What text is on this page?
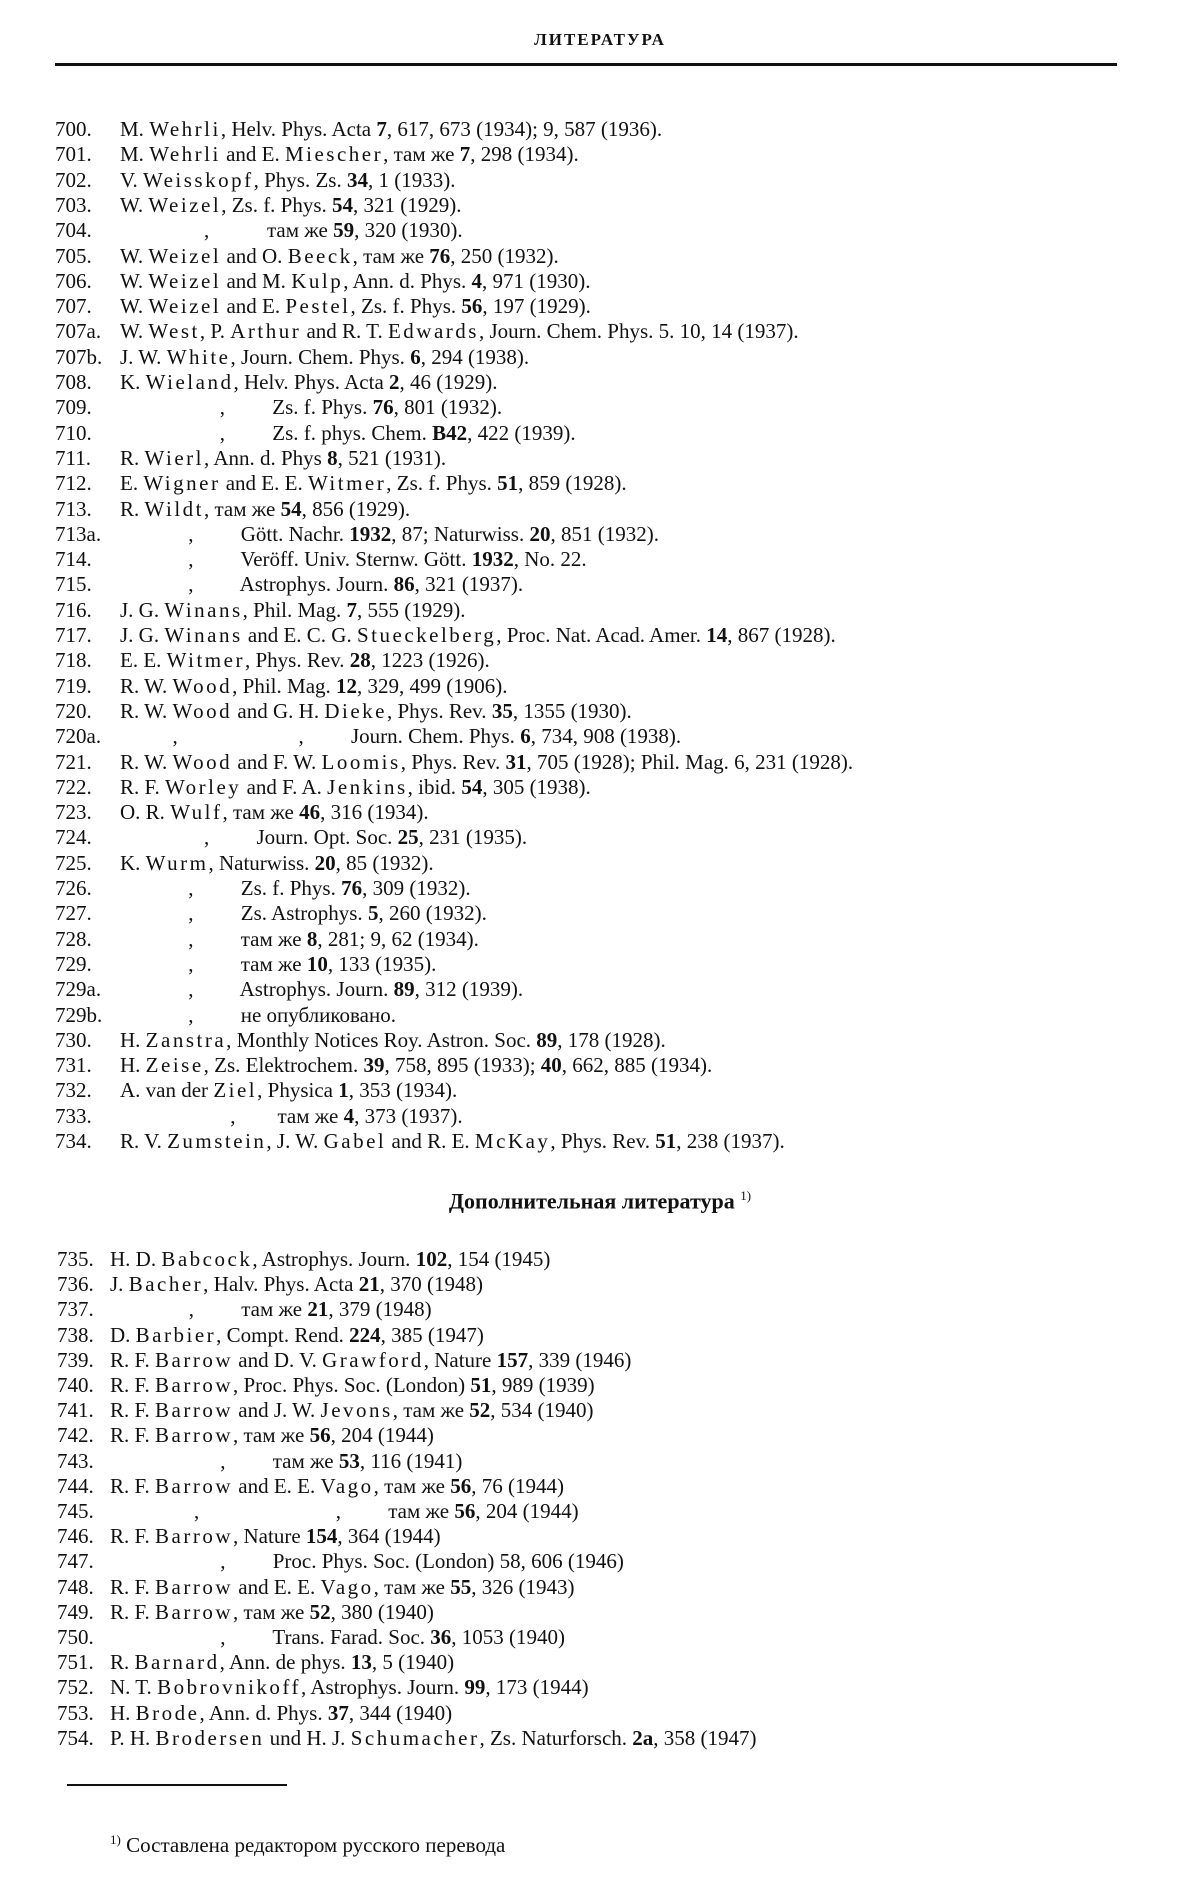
ЛИТЕРАТУРА
700. M. Wehrli, Helv. Phys. Acta 7, 617, 673 (1934); 9, 587 (1936).
701. M. Wehrli and E. Miescher, там же 7, 298 (1934).
702. V. Weisskopf, Phys. Zs. 34, 1 (1933).
703. W. Weizel, Zs. f. Phys. 54, 321 (1929).
704. ,           там же 59, 320 (1930).
705. W. Weizel and O. Beeck, там же 76, 250 (1932).
706. W. Weizel and M. Kulp, Ann. d. Phys. 4, 971 (1930).
707. W. Weizel and E. Pestel, Zs. f. Phys. 56, 197 (1929).
707a. W. West, P. Arthur and R. T. Edwards, Journ. Chem. Phys. 5. 10, 14 (1937).
707b. J. W. White, Journ. Chem. Phys. 6, 294 (1938).
708. K. Wieland, Helv. Phys. Acta 2, 46 (1929).
709. ,         Zs. f. Phys. 76, 801 (1932).
710. ,         Zs. f. phys. Chem. B42, 422 (1939).
711. R. Wierl, Ann. d. Phys 8, 521 (1931).
712. E. Wigner and E. E. Witmer, Zs. f. Phys. 51, 859 (1928).
713. R. Wildt, там же 54, 856 (1929).
713a. ,         Gött. Nachr. 1932, 87; Naturwiss. 20, 851 (1932).
714. ,         Veröff. Univ. Sternw. Gött. 1932, No. 22.
715. ,         Astrophys. Journ. 86, 321 (1937).
716. J. G. Winans, Phil. Mag. 7, 555 (1929).
717. J. G. Winans and E. C. G. Stueckelberg, Proc. Nat. Acad. Amer. 14, 867 (1928).
718. E. E. Witmer, Phys. Rev. 28, 1223 (1926).
719. R. W. Wood, Phil. Mag. 12, 329, 499 (1906).
720. R. W. Wood and G. H. Dieke, Phys. Rev. 35, 1355 (1930).
720a. ,                       ,         Journ. Chem. Phys. 6, 734, 908 (1938).
721. R. W. Wood and F. W. Loomis, Phys. Rev. 31, 705 (1928); Phil. Mag. 6, 231 (1928).
722. R. F. Worley and F. A. Jenkins, ibid. 54, 305 (1938).
723. O. R. Wulf, там же 46, 316 (1934).
724. ,         Journ. Opt. Soc. 25, 231 (1935).
725. K. Wurm, Naturwiss. 20, 85 (1932).
726. ,         Zs. f. Phys. 76, 309 (1932).
727. ,         Zs. Astrophys. 5, 260 (1932).
728. ,         там же 8, 281; 9, 62 (1934).
729. ,         там же 10, 133 (1935).
729a. ,         Astrophys. Journ. 89, 312 (1939).
729b. ,         не опубликовано.
730. H. Zanstra, Monthly Notices Roy. Astron. Soc. 89, 178 (1928).
731. H. Zeise, Zs. Elektrochem. 39, 758, 895 (1933); 40, 662, 885 (1934).
732. A. van der Ziel, Physica 1, 353 (1934).
733. ,        там же 4, 373 (1937).
734. R. V. Zumstein, J. W. Gabel and R. E. McKay, Phys. Rev. 51, 238 (1937).
Дополнительная литература $^{1)}$
735. H. D. Babcock, Astrophys. Journ. 102, 154 (1945)
736. J. Bacher, Halv. Phys. Acta 21, 370 (1948)
737. ,         там же 21, 379 (1948)
738. D. Barbier, Compt. Rend. 224, 385 (1947)
739. R. F. Barrow and D. V. Grawford, Nature 157, 339 (1946)
740. R. F. Barrow, Proc. Phys. Soc. (London) 51, 989 (1939)
741. R. F. Barrow and J. W. Jevons, там же 52, 534 (1940)
742. R. F. Barrow, там же 56, 204 (1944)
743. ,         там же 53, 116 (1941)
744. R. F. Barrow and E. E. Vago, там же 56, 76 (1944)
745. ,                          ,         там же 56, 204 (1944)
746. R. F. Barrow, Nature 154, 364 (1944)
747. ,         Proc. Phys. Soc. (London) 58, 606 (1946)
748. R. F. Barrow and E. E. Vago, там же 55, 326 (1943)
749. R. F. Barrow, там же 52, 380 (1940)
750. ,         Trans. Farad. Soc. 36, 1053 (1940)
751. R. Barnard, Ann. de phys. 13, 5 (1940)
752. N. T. Bobrovnikoff, Astrophys. Journ. 99, 173 (1944)
753. H. Brode, Ann. d. Phys. 37, 344 (1940)
754. P. H. Brodersen und H. J. Schumacher, Zs. Naturforsch. 2a, 358 (1947)
$^{1)}$ Составлена редактором русского перевода
